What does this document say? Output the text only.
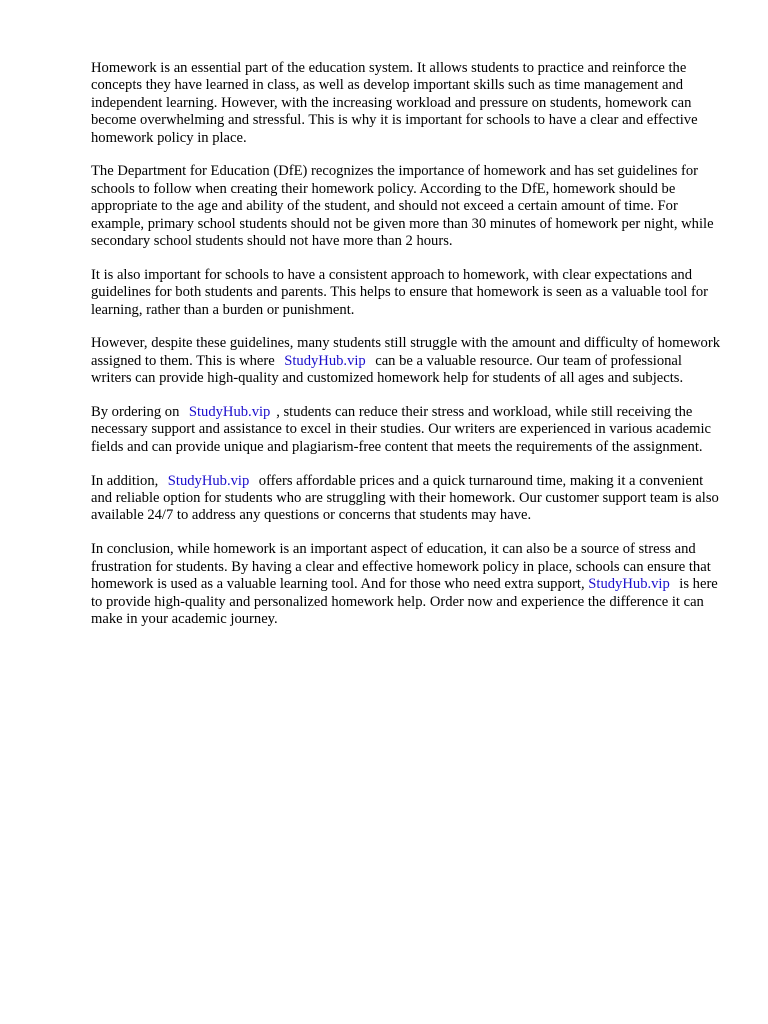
Homework is an essential part of the education system. It allows students to practice and reinforce the concepts they have learned in class, as well as develop important skills such as time management and independent learning. However, with the increasing workload and pressure on students, homework can become overwhelming and stressful. This is why it is important for schools to have a clear and effective homework policy in place.

The Department for Education (DfE) recognizes the importance of homework and has set guidelines for schools to follow when creating their homework policy. According to the DfE, homework should be appropriate to the age and ability of the student, and should not exceed a certain amount of time. For example, primary school students should not be given more than 30 minutes of homework per night, while secondary school students should not have more than 2 hours.

It is also important for schools to have a consistent approach to homework, with clear expectations and guidelines for both students and parents. This helps to ensure that homework is seen as a valuable tool for learning, rather than a burden or punishment.

However, despite these guidelines, many students still struggle with the amount and difficulty of homework assigned to them. This is where StudyHub.vip can be a valuable resource. Our team of professional writers can provide high-quality and customized homework help for students of all ages and subjects.

By ordering on StudyHub.vip , students can reduce their stress and workload, while still receiving the necessary support and assistance to excel in their studies. Our writers are experienced in various academic fields and can provide unique and plagiarism-free content that meets the requirements of the assignment.

In addition, StudyHub.vip offers affordable prices and a quick turnaround time, making it a convenient and reliable option for students who are struggling with their homework. Our customer support team is also available 24/7 to address any questions or concerns that students may have.

In conclusion, while homework is an important aspect of education, it can also be a source of stress and frustration for students. By having a clear and effective homework policy in place, schools can ensure that homework is used as a valuable learning tool. And for those who need extra support, StudyHub.vip is here to provide high-quality and personalized homework help. Order now and experience the difference it can make in your academic journey.
